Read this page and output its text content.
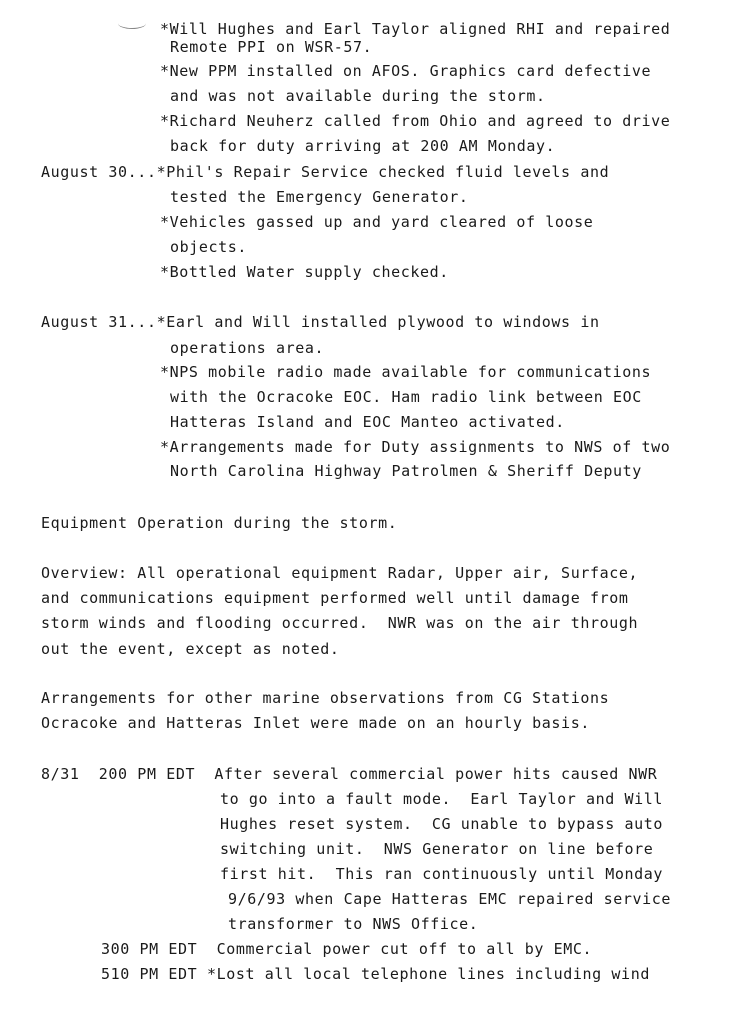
*Will Hughes and Earl Taylor aligned RHI and repaired

Remote PPI on WSR-57.

*New PPM installed on AFOS. Graphics card defective

and was not available during the storm.

*Richard Neuherz called from Ohio and agreed to drive

back for duty arriving at 200 AM Monday.

August 30...*Phil's Repair Service checked fluid levels and

tested the Emergency Generator.

*Vehicles gassed up and yard cleared of loose

objects.

*Bottled Water supply checked.

August 31...*Earl and Will installed plywood to windows in

operations area.

*NPS mobile radio made available for communications

with the Ocracoke EOC. Ham radio link between EOC

Hatteras Island and EOC Manteo activated.

*Arrangements made for Duty assignments to NWS of two

North Carolina Highway Patrolmen & Sheriff Deputy

Equipment Operation during the storm.

Overview: All operational equipment Radar, Upper air, Surface,

and communications equipment performed well until damage from

storm winds and flooding occurred.  NWR was on the air through

out the event, except as noted.

Arrangements for other marine observations from CG Stations

Ocracoke and Hatteras Inlet were made on an hourly basis.

8/31  200 PM EDT  After several commercial power hits caused NWR

to go into a fault mode.  Earl Taylor and Will

Hughes reset system.  CG unable to bypass auto

switching unit.  NWS Generator on line before

first hit.  This ran continuously until Monday

9/6/93 when Cape Hatteras EMC repaired service

transformer to NWS Office.

300 PM EDT  Commercial power cut off to all by EMC.

510 PM EDT *Lost all local telephone lines including wind
